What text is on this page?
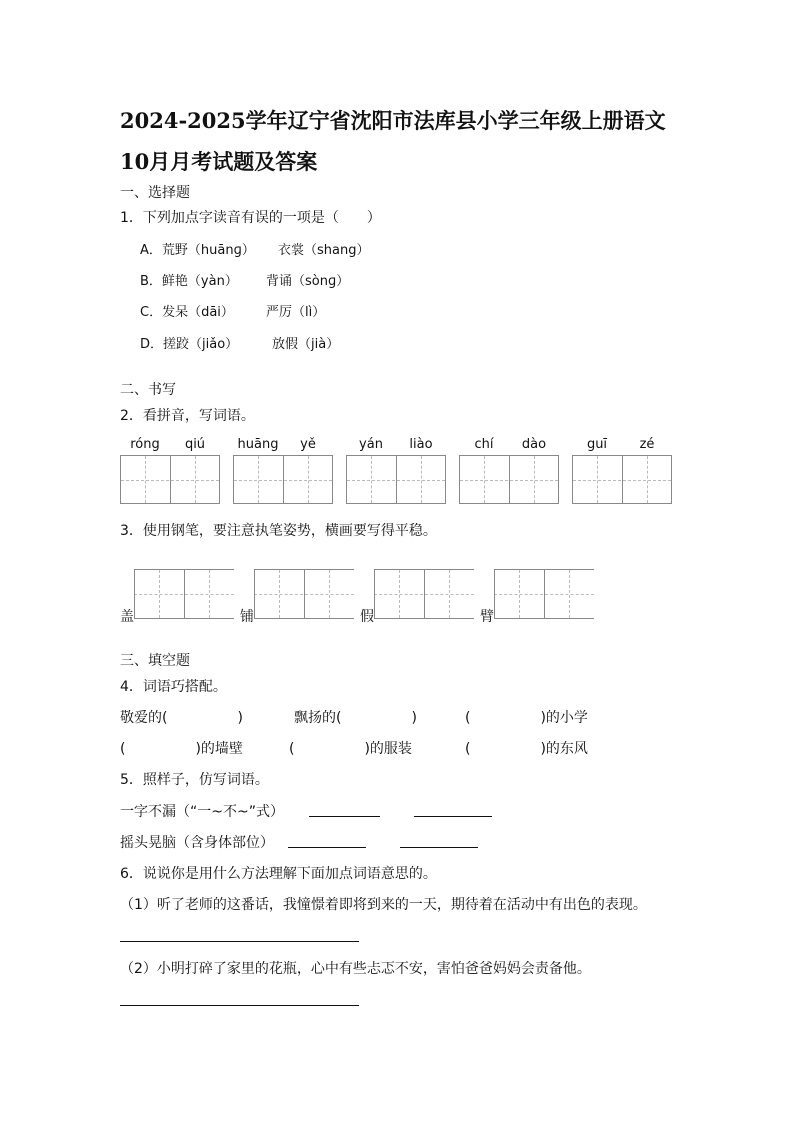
2024-2025学年辽宁省沈阳市法库县小学三年级上册语文
10月月考试题及答案
一、选择题
1．下列加点字读音有误的一项是（　　）
A．荒野（huānɡ） 衣裳（shang）
B．鲜艳（yàn） 背诵（sònɡ）
C．发呆（dāi） 严厉（lì）
D．搓跤（jiǎo）	放假（jià）
二、书写
2．看拼音，写词语。
róng	qiú	huāng	yě	yán	liào	chí	dào	guī	zé
3．使用钢笔，要注意执笔姿势，横画要写得平稳。
盖	铺	假	臂
三、填空题
4．词语巧搭配。
敬爱的(　　　　　)	飘扬的(　　　　　)	(　　　　　)的小学
(　　　　　)的墙壁	(　　　　　)的服装	(　　　　　)的东风
5．照样子，仿写词语。
一字不漏（“一~不~”式）
摇头晃脑（含身体部位）
6．说说你是用什么方法理解下面加点词语意思的。
（1）听了老师的这番话，我憧憬着即将到来的一天，期待着在活动中有出色的表现。
（2）小明打碎了家里的花瓶，心中有些忐忑不安，害怕爸爸妈妈会责备他。
